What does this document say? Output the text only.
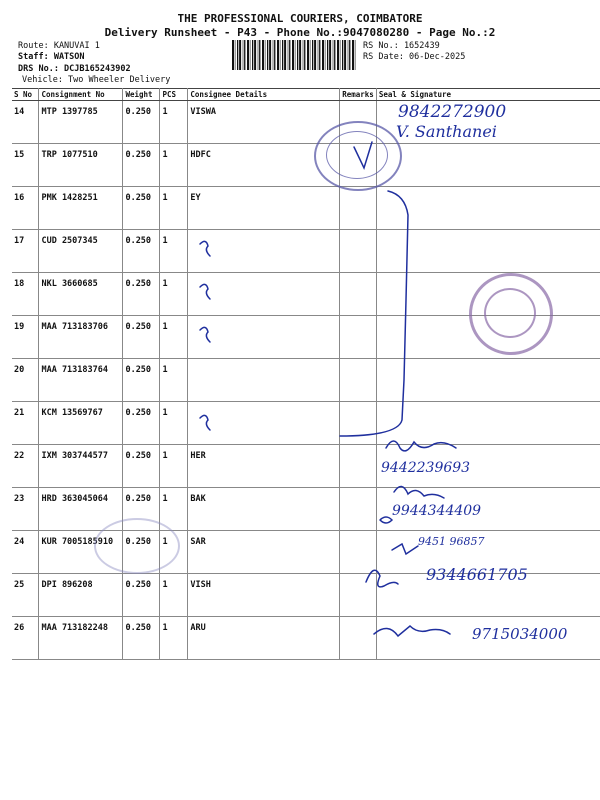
THE PROFESSIONAL COURIERS, COIMBATORE
Delivery Runsheet - P43 - Phone No.:9047080280 - Page No.:2
Route: KANUVAI 1
Staff: WATSON
DRS No.: DCJB165243902
Vehicle: Two Wheeler Delivery
RS No.: 1652439
RS Date: 06-Dec-2025
S No	Consignment No	Weight	PCS	Consignee Details	Remarks	Seal & Signature
14	MTP 1397785	0.250	1	VISWA		
15	TRP 1077510	0.250	1	HDFC		
16	PMK 1428251	0.250	1	EY		
17	CUD 2507345	0.250	1			
18	NKL 3660685	0.250	1			
19	MAA 713183706	0.250	1			
20	MAA 713183764	0.250	1			
21	KCM 13569767	0.250	1			
22	IXM 303744577	0.250	1	HER		
23	HRD 363045064	0.250	1	BAK		
24	KUR 7005185910	0.250	1	SAR		
25	DPI 896208	0.250	1	VISH		
26	MAA 713182248	0.250	1	ARU		
9842272900
V. Santhanei
9442239693
9944344409
9451 96857
9344661705
9715034000
